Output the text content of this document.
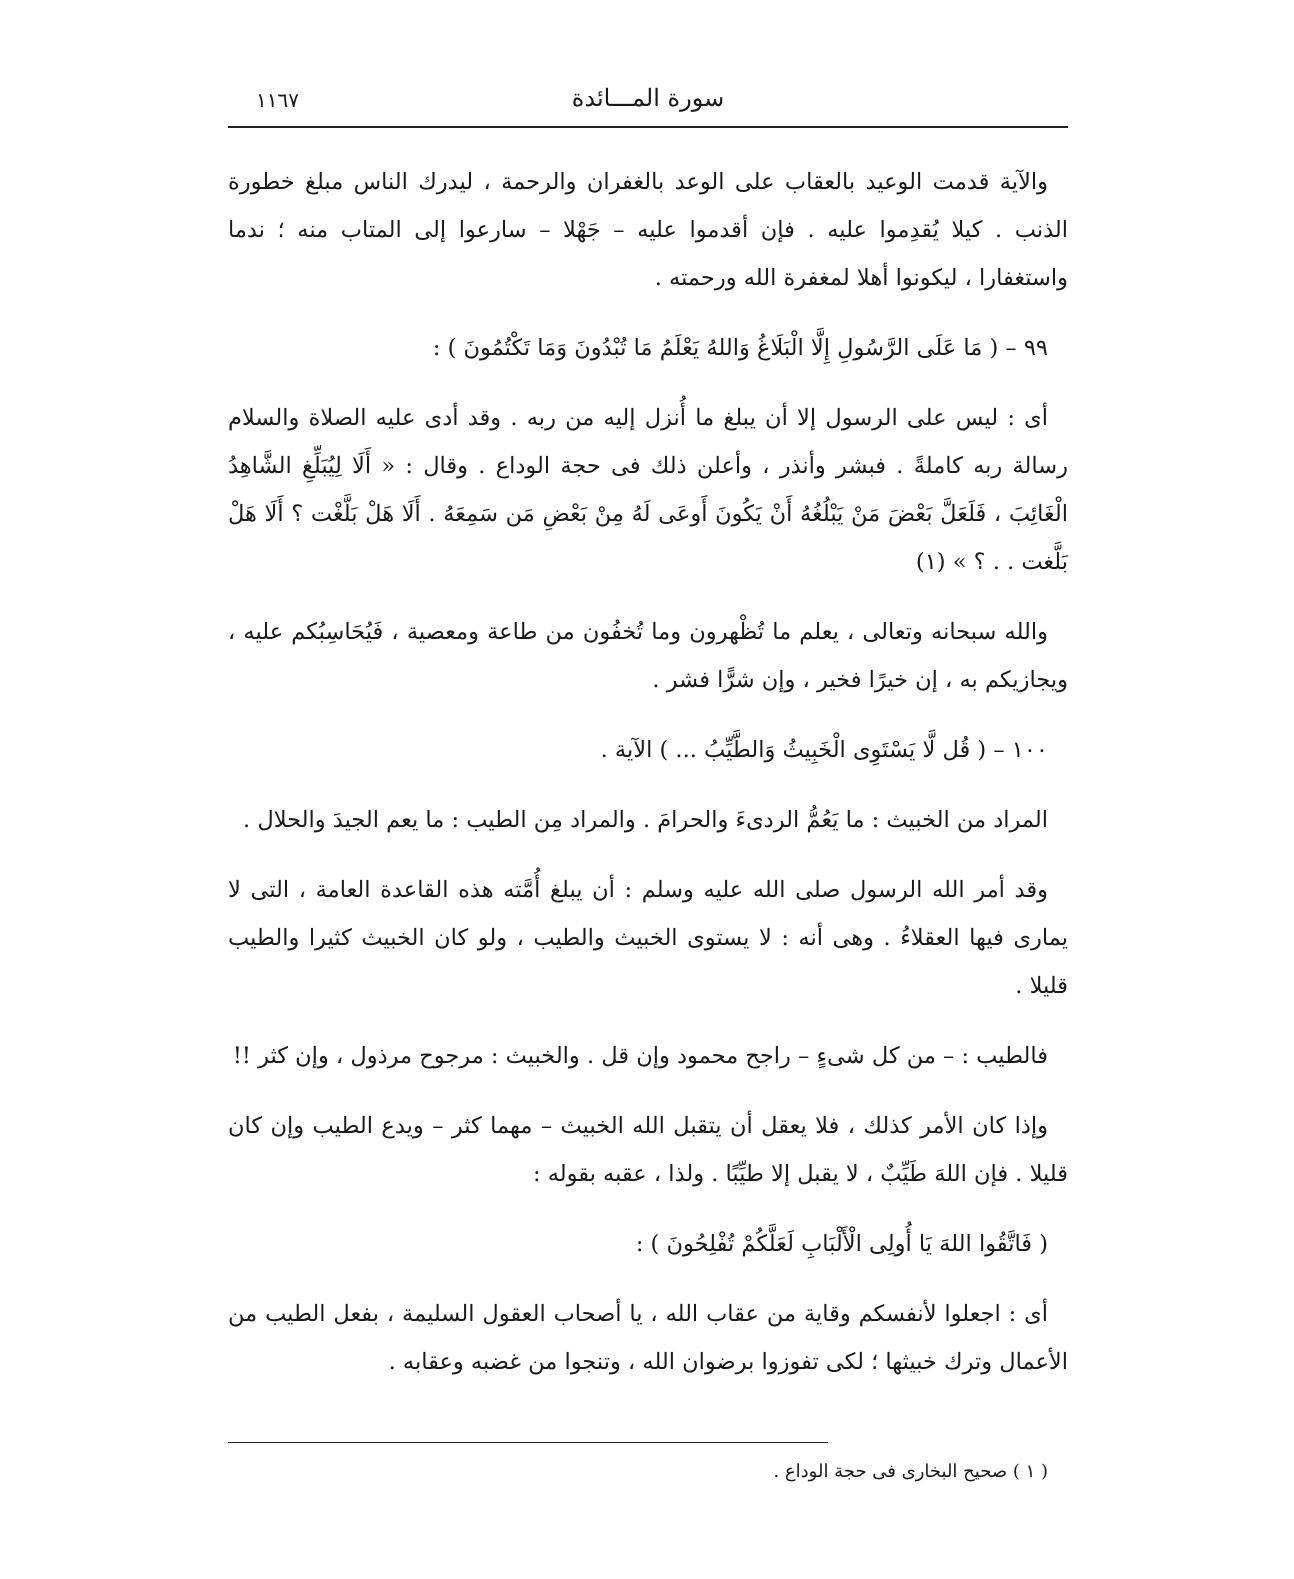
سورة المـــائدة
١١٦٧

والآية قدمت الوعيد بالعقاب على الوعد بالغفران والرحمة ، ليدرك الناس مبلغ خطورة الذنب . كيلا يُقدِموا عليه . فإن أقدموا عليه – جَهْلا – سارعوا إلى المتاب منه ؛ ندما واستغفارا ، ليكونوا أهلا لمغفرة الله ورحمته .

٩٩ – ( مَا عَلَى الرَّسُولِ إِلَّا الْبَلَاغُ وَاللهُ يَعْلَمُ مَا تُبْدُونَ وَمَا تَكْتُمُونَ ) :

أى : ليس على الرسول إلا أن يبلغ ما أُنزل إليه من ربه . وقد أدى عليه الصلاة والسلام رسالة ربه كاملةً . فبشر وأنذر ، وأعلن ذلك فى حجة الوداع . وقال : « أَلَا لِيُبَلِّغِ الشَّاهِدُ الْغَائِبَ ، فَلَعَلَّ بَعْضَ مَنْ يَبْلُغُهُ أَنْ يَكُونَ أَوعَى لَهُ مِنْ بَعْضِ مَن سَمِعَهُ . أَلَا هَلْ بَلَّغْت ؟ أَلَا هَلْ بَلَّغت . . ؟ » (١)

والله سبحانه وتعالى ، يعلم ما تُظْهرون وما تُخفُون من طاعة ومعصية ، فَيُحَاسِبُكم عليه ، ويجازيكم به ، إن خيرًا فخير ، وإن شرًّا فشر .

١٠٠ – ( قُل لَّا يَسْتَوِى الْخَبِيثُ وَالطَّيِّبُ ... ) الآية .

المراد من الخبيث : ما يَعُمُّ الردىءَ والحرامَ . والمراد مِن الطيب : ما يعم الجيدَ والحلال .

وقد أمر الله الرسول صلى الله عليه وسلم : أن يبلغ أُمَّته هذه القاعدة العامة ، التى لا يمارى فيها العقلاءُ . وهى أنه : لا يستوى الخبيث والطيب ، ولو كان الخبيث كثيرا والطيب قليلا .

فالطيب : – من كل شىءٍ – راجح محمود وإن قل . والخبيث : مرجوح مرذول ، وإن كثر !!

وإذا كان الأمر كذلك ، فلا يعقل أن يتقبل الله الخبيث – مهما كثر – ويدع الطيب وإن كان قليلا . فإن اللهَ طَيِّبٌ ، لا يقبل إلا طيِّبًا . ولذا ، عقبه بقوله :

( فَاتَّقُوا اللهَ يَا أُولِى الْأَلْبَابِ لَعَلَّكُمْ تُفْلِحُونَ ) :

أى : اجعلوا لأنفسكم وقاية من عقاب الله ، يا أصحاب العقول السليمة ، بفعل الطيب من الأعمال وترك خبيثها ؛ لكى تفوزوا برضوان الله ، وتنجوا من غضبه وعقابه .

( ١ ) صحيح البخارى فى حجة الوداع .
